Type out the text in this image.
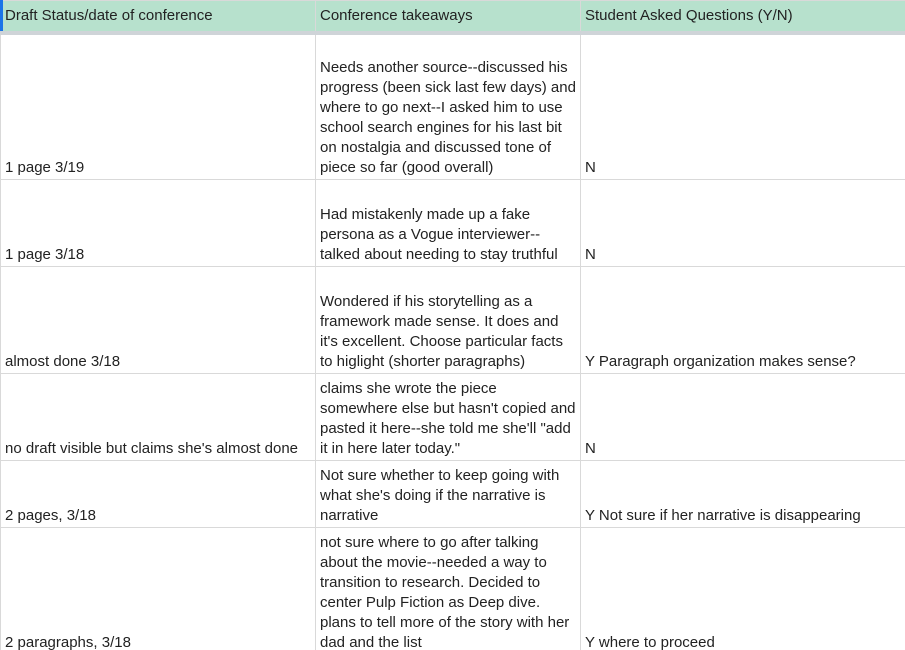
Draft Status/date of conference	Conference takeaways	Student Asked Questions (Y/N)

1 page 3/19	Needs another source--discussed his progress (been sick last few days) and where to go next--I asked him to use school search engines for his last bit on nostalgia and discussed tone of piece so far (good overall)	N

1 page 3/18	Had mistakenly made up a fake persona as a Vogue interviewer--talked about needing to stay truthful	N

almost done 3/18	Wondered if his storytelling as a framework made sense. It does and it's excellent. Choose particular facts to higlight (shorter paragraphs)	Y Paragraph organization makes sense?

no draft visible but claims she's almost done	claims she wrote the piece somewhere else but hasn't copied and pasted it here--she told me she'll "add it in here later today."	N

2 pages, 3/18	Not sure whether to keep going with what she's doing if the narrative is narrative	Y Not sure if her narrative is disappearing

2 paragraphs, 3/18	not sure where to go after talking about the movie--needed a way to transition to research. Decided to center Pulp Fiction as Deep dive. plans to tell more of the story with her dad and the list	Y where to proceed
